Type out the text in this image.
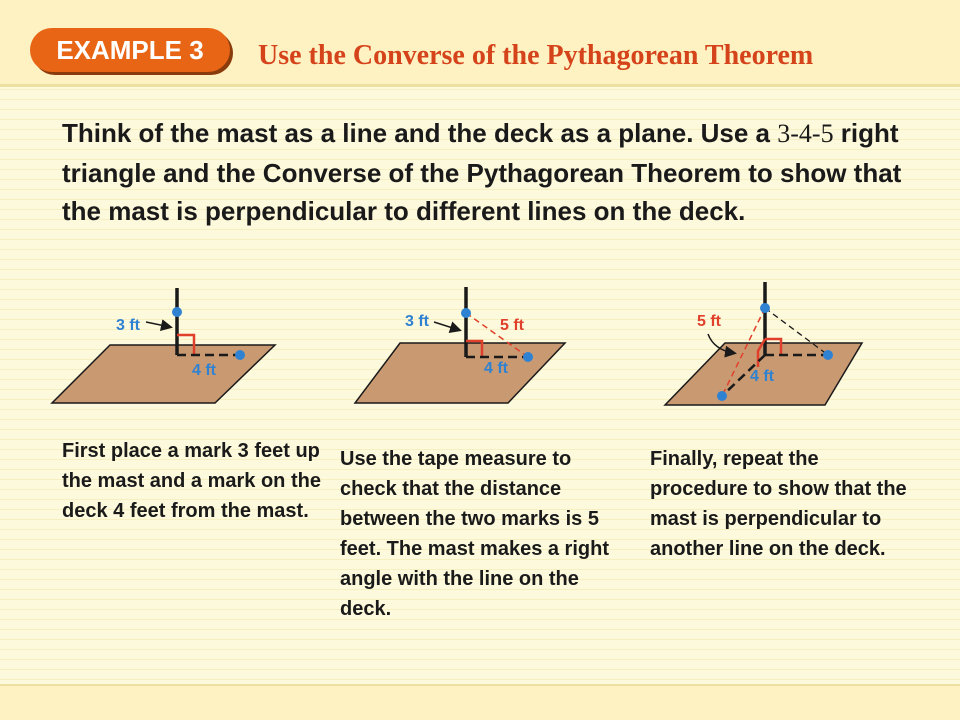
EXAMPLE 3	Use the Converse of the Pythagorean Theorem
Think of the mast as a line and the deck as a plane. Use a 3-4-5 right triangle and the Converse of the Pythagorean Theorem to show that the mast is perpendicular to different lines on the deck.
3 ft
4 ft
3 ft	5 ft
4 ft
5 ft
4 ft
First place a mark 3 feet up the mast and a mark on the deck 4 feet from the mast.
Use the tape measure to check that the distance between the two marks is 5 feet. The mast makes a right angle with the line on the deck.
Finally, repeat the procedure to show that the mast is perpendicular to another line on the deck.
